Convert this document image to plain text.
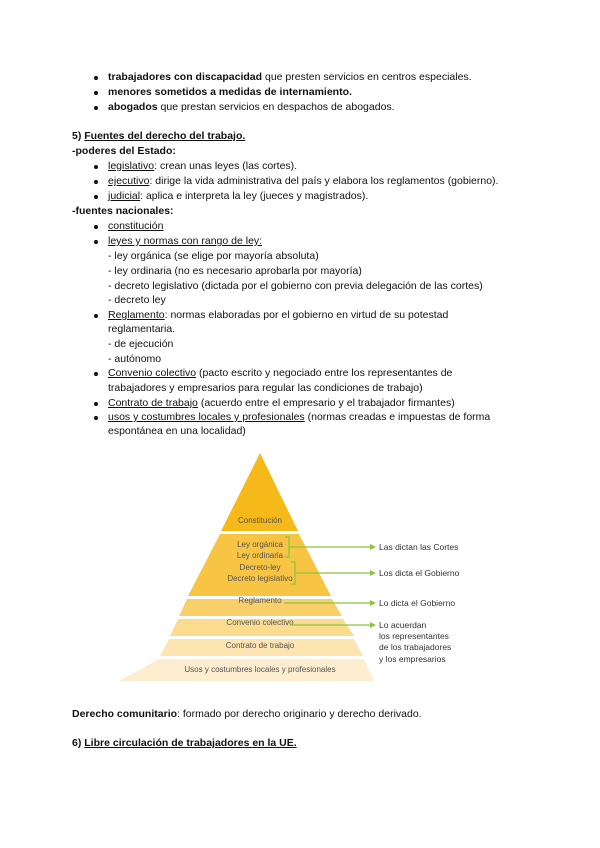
trabajadores con discapacidad que presten servicios en centros especiales.
menores sometidos a medidas de internamiento.
abogados que prestan servicios en despachos de abogados.
5) Fuentes del derecho del trabajo.
-poderes del Estado:
legislativo: crean unas leyes (las cortes).
ejecutivo: dirige la vida administrativa del país y elabora los reglamentos (gobierno).
judicial: aplica e interpreta la ley (jueces y magistrados).
-fuentes nacionales:
constitución
leyes y normas con rango de ley:
- ley orgánica (se elige por mayoría absoluta)
- ley ordinaria (no es necesario aprobarla por mayoría)
- decreto legislativo (dictada por el gobierno con previa delegación de las cortes)
- decreto ley
Reglamento: normas elaboradas por el gobierno en virtud de su potestad
reglamentaria.
- de ejecución
- autónomo
Convenio colectivo (pacto escrito y negociado entre los representantes de
trabajadores y empresarios para regular las condiciones de trabajo)
Contrato de trabajo (acuerdo entre el empresario y el trabajador firmantes)
usos y costumbres locales y profesionales (normas creadas e impuestas de forma
espontánea en una localidad)
Constitución
Ley orgánica
Ley ordinaria
Decreto-ley
Decreto legislativo
Reglamento
Convenio colectivo
Contrato de trabajo
Usos y costumbres locales y profesionales
Las dictan las Cortes
Los dicta el Gobierno
Lo dicta el Gobierno
Lo acuerdan
los representantes
de los trabajadores
y los empresarios
Derecho comunitario: formado por derecho originario y derecho derivado.
6) Libre circulación de trabajadores en la UE.
